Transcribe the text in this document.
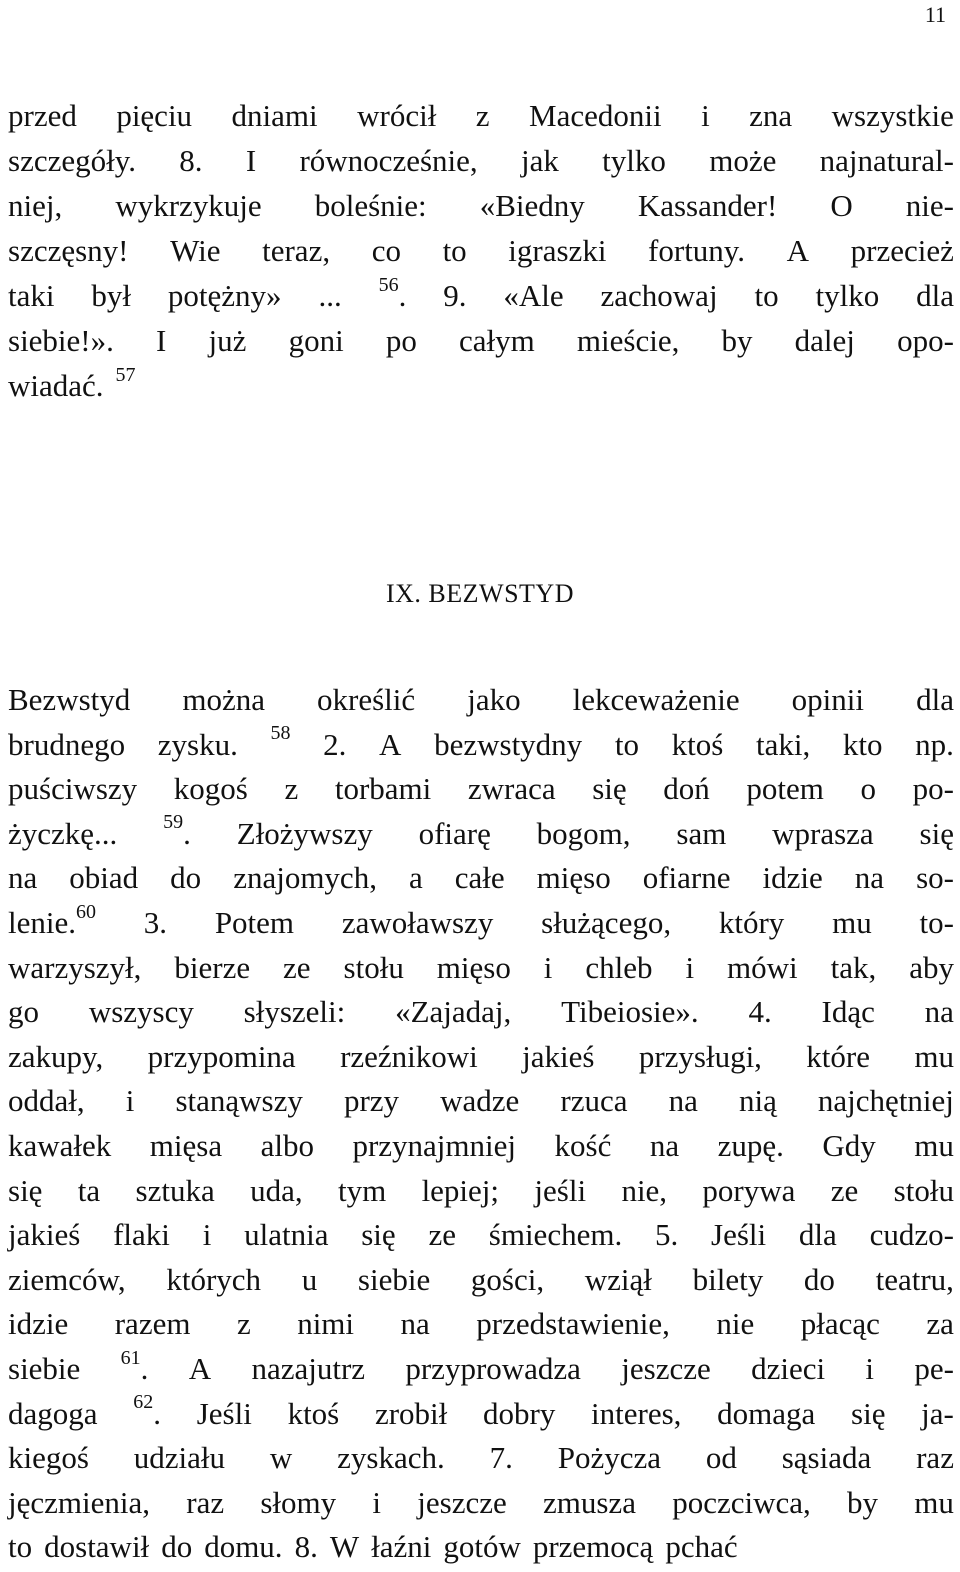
11
przed pięciu dniami wrócił z Macedonii i zna wszystkie
szczegóły. 8. I równocześnie, jak tylko może najnatural-
niej, wykrzykuje boleśnie: «Biedny Kassander! O nie-
szczęsny! Wie teraz, co to igraszki fortuny. A przecież
taki był potężny» ... $^{56}$. 9. «Ale zachowaj to tylko dla
siebie!». I już goni po całym mieście, by dalej opo-
wiadać. $^{57}$
IX. BEZWSTYD
Bezwstyd można określić jako lekceważenie opinii dla
brudnego zysku. $^{58}$ 2. A bezwstydny to ktoś taki, kto np.
puściwszy kogoś z torbami zwraca się doń potem o po-
życzkę... $^{59}$. Złożywszy ofiarę bogom, sam wprasza się
na obiad do znajomych, a całe mięso ofiarne idzie na so-
lenie.$^{60}$ 3. Potem zawoławszy służącego, który mu to-
warzyszył, bierze ze stołu mięso i chleb i mówi tak, aby
go wszyscy słyszeli: «Zajadaj, Tibeiosie». 4. Idąc na
zakupy, przypomina rzeźnikowi jakieś przysługi, które mu
oddał, i stanąwszy przy wadze rzuca na nią najchętniej
kawałek mięsa albo przynajmniej kość na zupę. Gdy mu
się ta sztuka uda, tym lepiej; jeśli nie, porywa ze stołu
jakieś flaki i ulatnia się ze śmiechem. 5. Jeśli dla cudzo-
ziemców, których u siebie gości, wziął bilety do teatru,
idzie razem z nimi na przedstawienie, nie płacąc za
siebie $^{61}$. A nazajutrz przyprowadza jeszcze dzieci i pe-
dagoga $^{62}$. Jeśli ktoś zrobił dobry interes, domaga się ja-
kiegoś udziału w zyskach. 7. Pożycza od sąsiada raz
jęczmienia, raz słomy i jeszcze zmusza poczciwca, by mu
to dostawił do domu. 8. W łaźni gotów przemocą pchać
